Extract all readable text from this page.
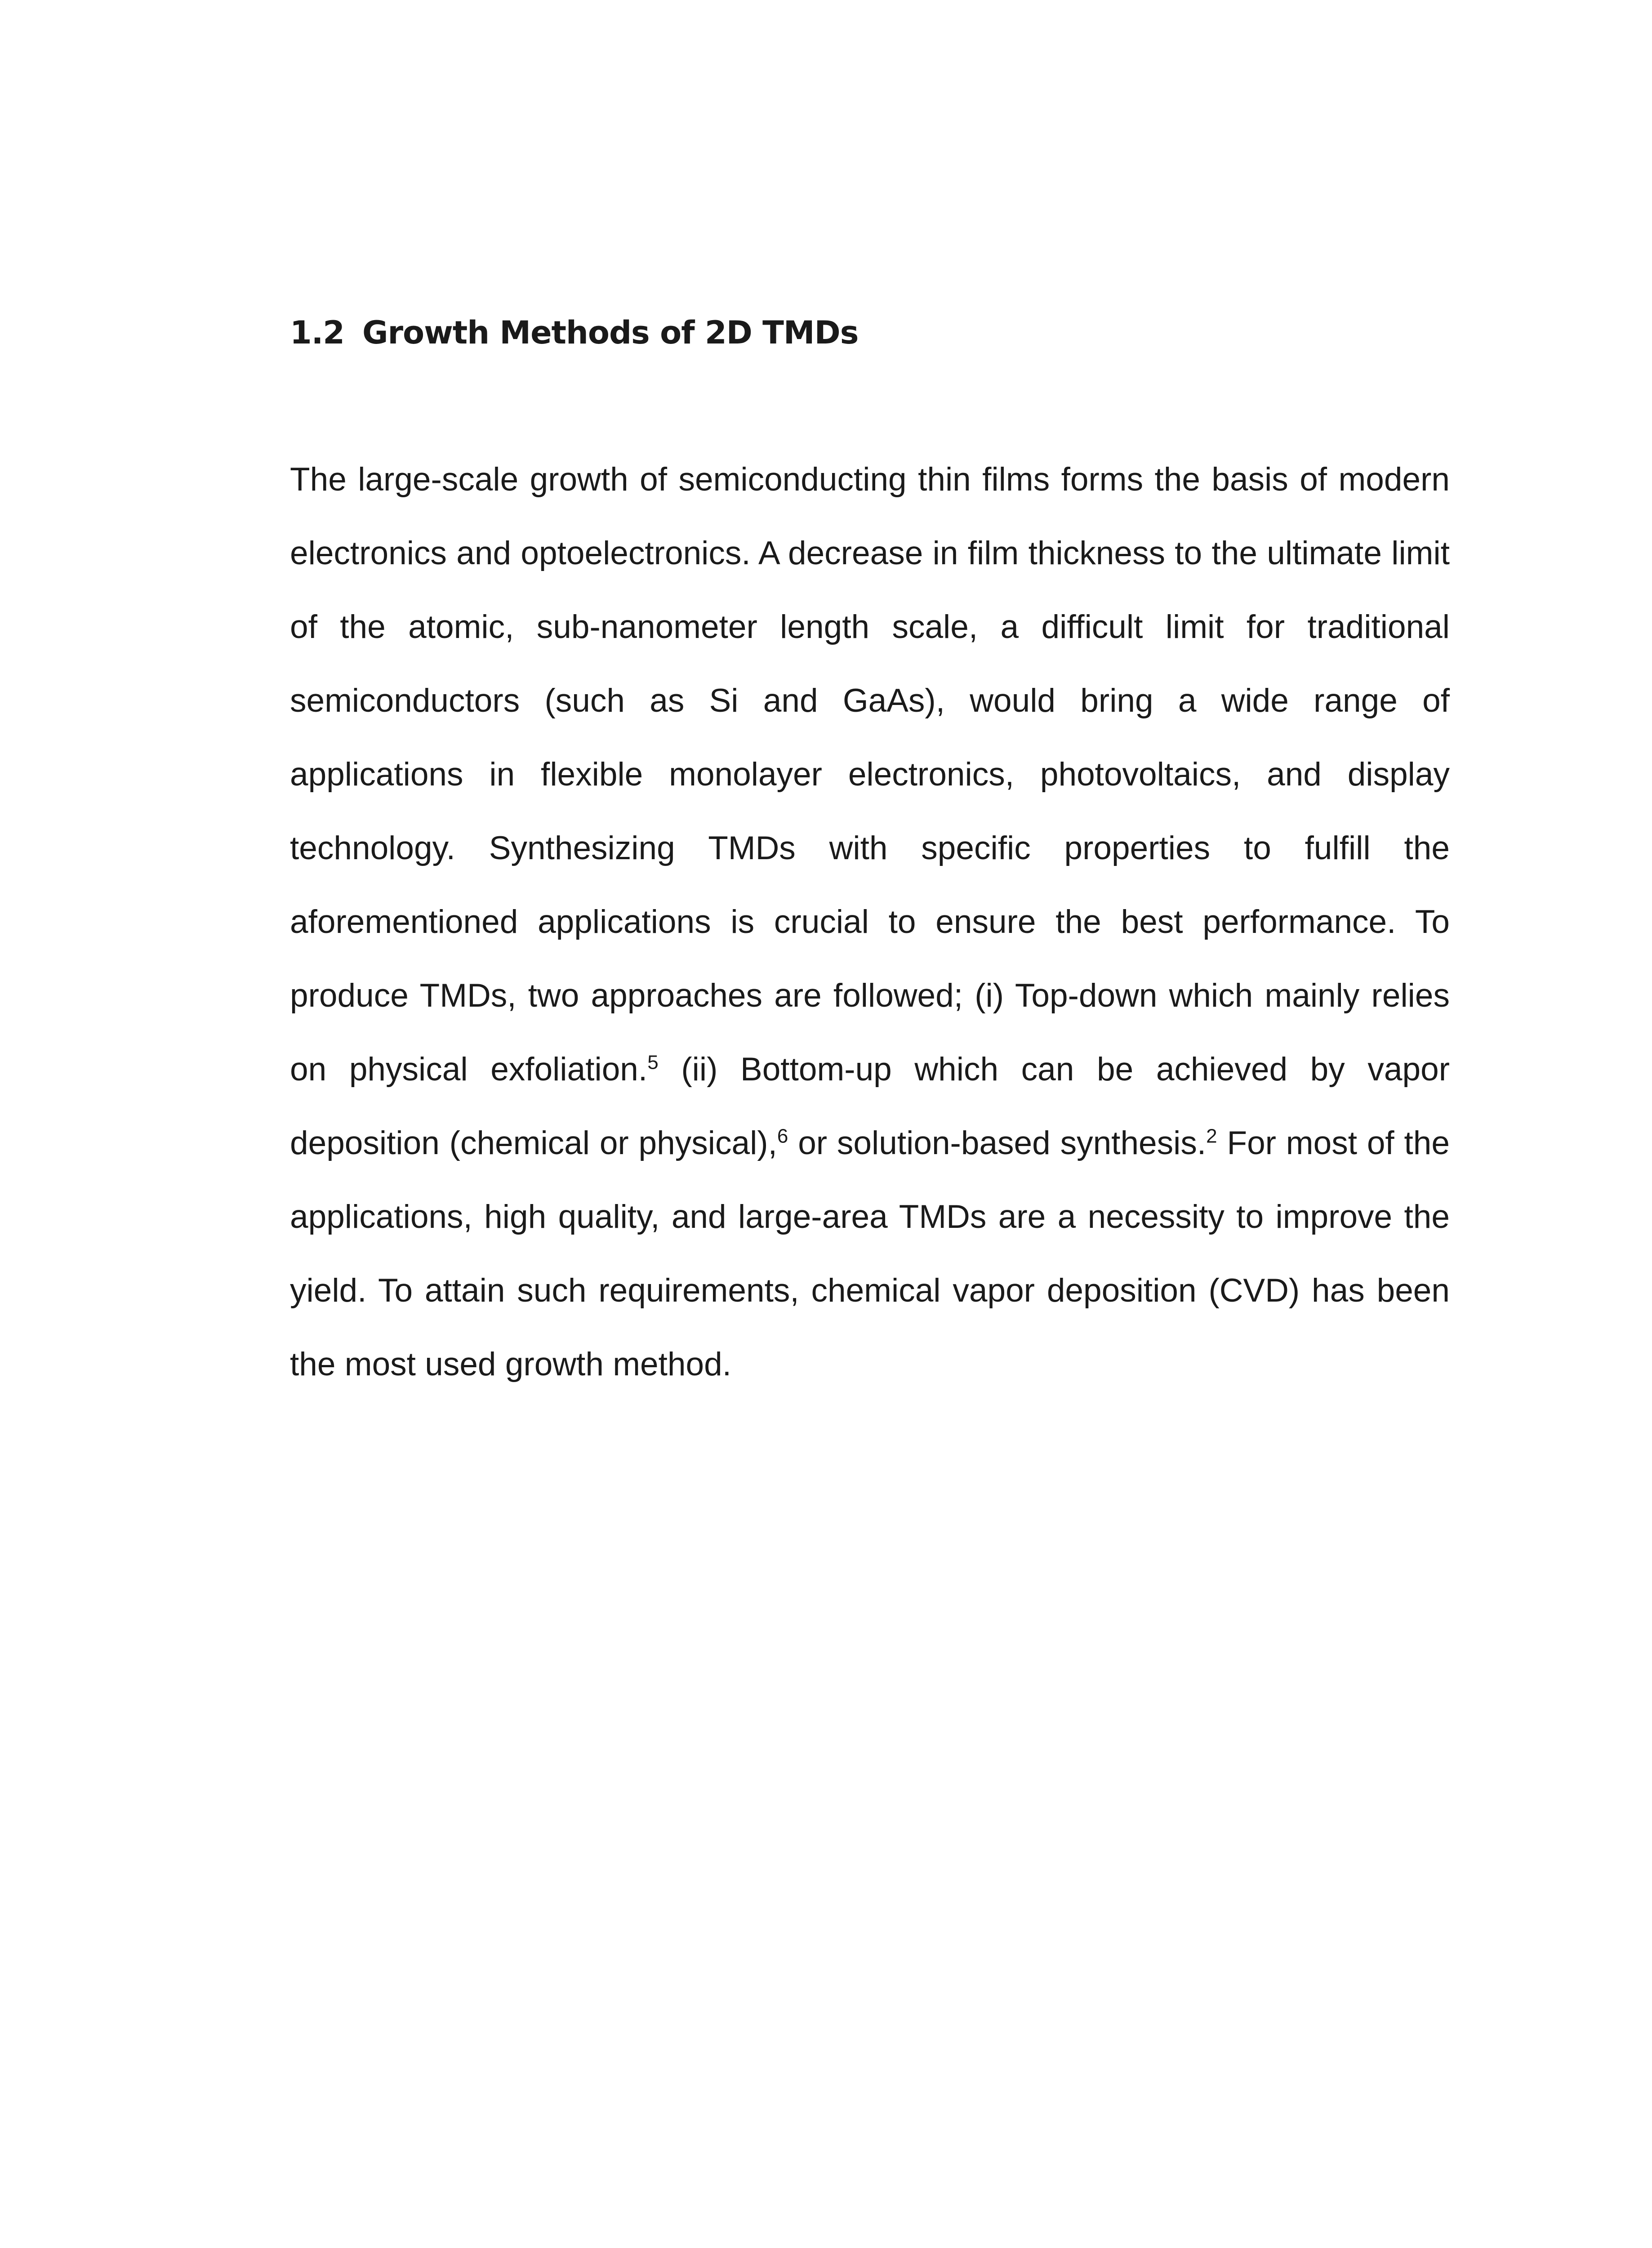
1.2 Growth Methods of 2D TMDs

The large-scale growth of semiconducting thin films forms the basis of modern electronics and optoelectronics. A decrease in film thickness to the ultimate limit of the atomic, sub-nanometer length scale, a difficult limit for traditional semiconductors (such as Si and GaAs), would bring a wide range of applications in flexible monolayer electronics, photovoltaics, and display technology. Synthesizing TMDs with specific properties to fulfill the aforementioned applications is crucial to ensure the best performance. To produce TMDs, two approaches are followed; (i) Top-down which mainly relies on physical exfoliation.$^5$ (ii) Bottom-up which can be achieved by vapor deposition (chemical or physical),$^6$ or solution-based synthesis.$^2$ For most of the applications, high quality, and large-area TMDs are a necessity to improve the yield. To attain such requirements, chemical vapor deposition (CVD) has been the most used growth method.
